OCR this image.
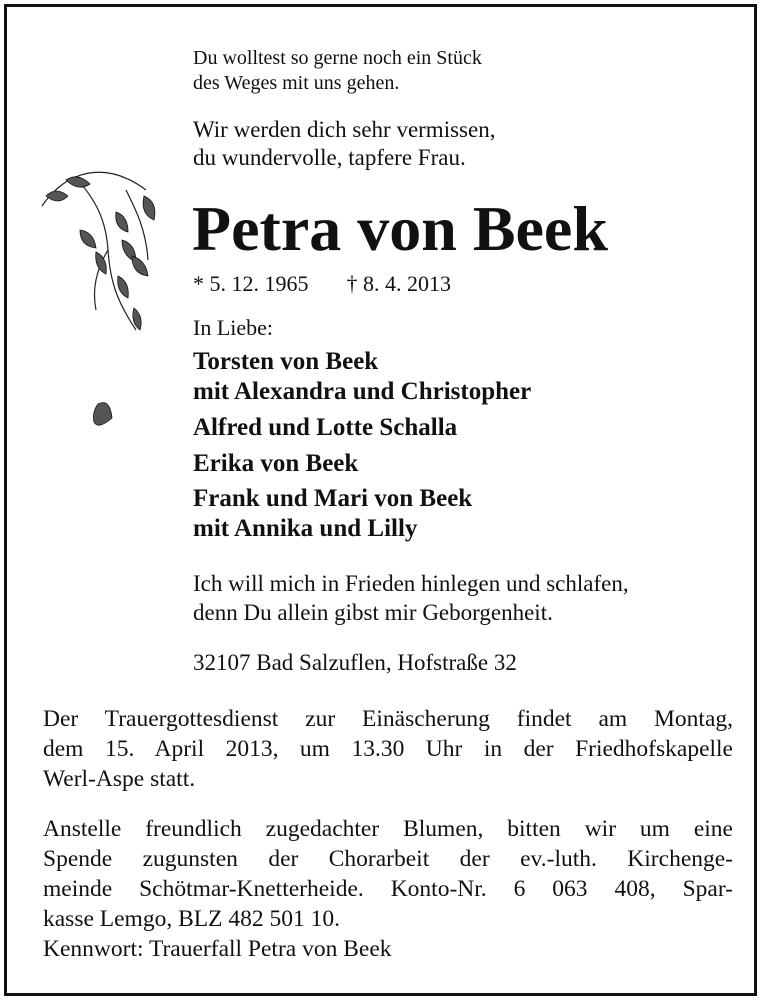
Du wolltest so gerne noch ein Stück
des Weges mit uns gehen.
Wir werden dich sehr vermissen,
du wundervolle, tapfere Frau.
Petra von Beek
* 5. 12. 1965 † 8. 4. 2013
In Liebe:
Torsten von Beek
mit Alexandra und Christopher
Alfred und Lotte Schalla
Erika von Beek
Frank und Mari von Beek
mit Annika und Lilly
Ich will mich in Frieden hinlegen und schlafen,
denn Du allein gibst mir Geborgenheit.
32107 Bad Salzuflen, Hofstraße 32
Der Trauergottesdienst zur Einäscherung findet am Montag,
dem 15. April 2013, um 13.30 Uhr in der Friedhofskapelle
Werl-Aspe statt.
Anstelle freundlich zugedachter Blumen, bitten wir um eine
Spende zugunsten der Chorarbeit der ev.-luth. Kirchenge-
meinde Schötmar-Knetterheide. Konto-Nr. 6 063 408, Spar-
kasse Lemgo, BLZ 482 501 10.
Kennwort: Trauerfall Petra von Beek
